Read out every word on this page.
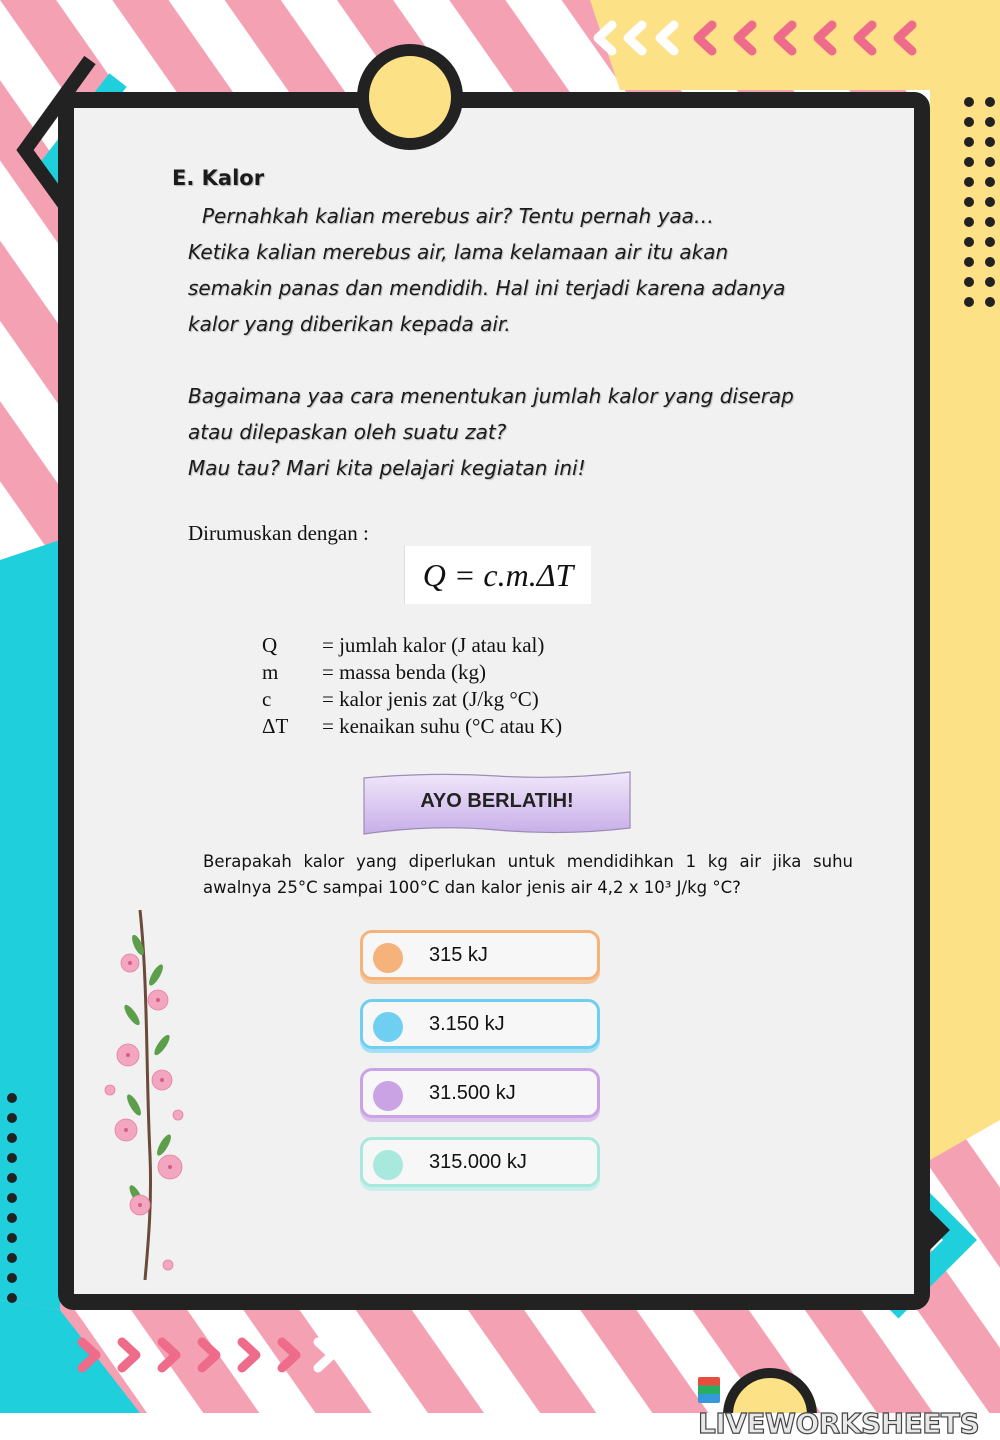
E. Kalor
Pernahkah kalian merebus air? Tentu pernah yaa…
Ketika kalian merebus air, lama kelamaan air itu akan
semakin panas dan mendidih. Hal ini terjadi karena adanya
kalor yang diberikan kepada air.
Bagaimana yaa cara menentukan jumlah kalor yang diserap
atau dilepaskan oleh suatu zat?
Mau tau? Mari kita pelajari kegiatan ini!
Dirumuskan dengan :
Q = c.m.ΔT
Q	= jumlah kalor (J atau kal)
m	= massa benda (kg)
c	= kalor jenis zat (J/kg °C)
ΔT	= kenaikan suhu (°C atau K)
AYO BERLATIH!
Berapakah kalor yang diperlukan untuk mendidihkan 1 kg air jika suhu awalnya 25°C sampai 100°C dan kalor jenis air 4,2 x 10³ J/kg °C?
315 kJ
3.150 kJ
31.500 kJ
315.000 kJ
LIVEWORKSHEETS
